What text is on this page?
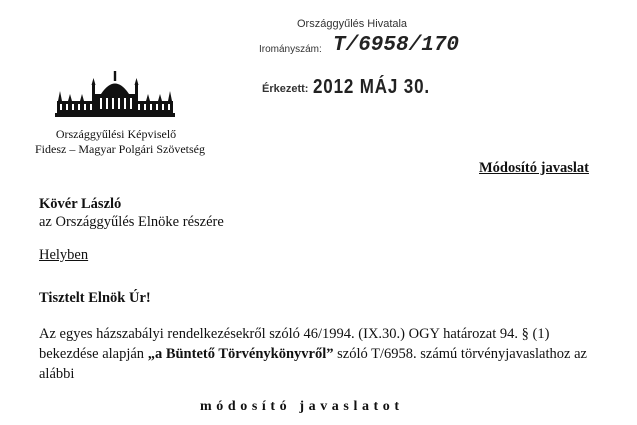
Országgyűlés Hivatala
Irományszám: T/6958/170
Érkezett: 2012 MÁJ 30.
Országgyűlési Képviselő
Fidesz – Magyar Polgári Szövetség
Módosító javaslat
Kövér László
az Országgyűlés Elnöke részére
Helyben
Tisztelt Elnök Úr!
Az egyes házszabályi rendelkezésekről szóló 46/1994. (IX.30.) OGY határozat 94. § (1)
bekezdése alapján „a Büntető Törvénykönyvről” szóló T/6958. számú törvényjavaslathoz az
alábbi
módosító javaslatot
